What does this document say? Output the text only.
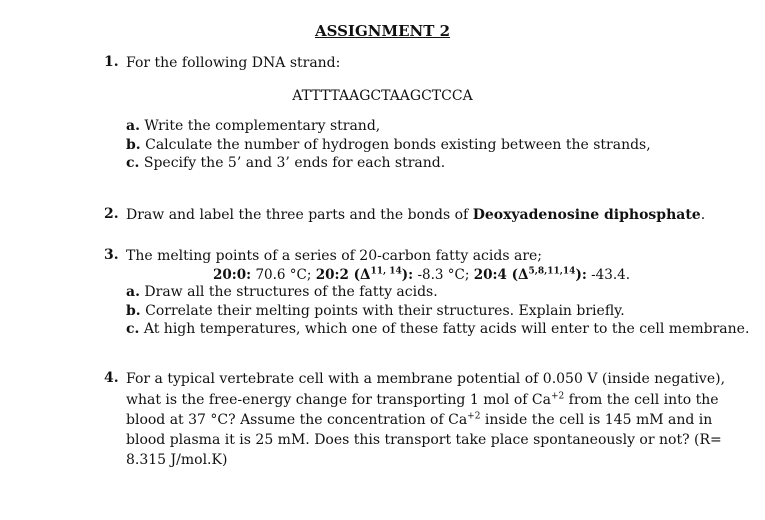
ASSIGNMENT 2
1. For the following DNA strand:
ATTTTAAGCTAAGCTCCA
a. Write the complementary strand,
b. Calculate the number of hydrogen bonds existing between the strands,
c. Specify the 5’ and 3’ ends for each strand.
2. Draw and label the three parts and the bonds of Deoxyadenosine diphosphate.
3. The melting points of a series of 20-carbon fatty acids are;
20:0: 70.6 °C; 20:2 $(\Delta^{11, 14})$: -8.3 °C; 20:4 $(\Delta^{5,8,11,14})$: -43.4.
a. Draw all the structures of the fatty acids.
b. Correlate their melting points with their structures. Explain briefly.
c. At high temperatures, which one of these fatty acids will enter to the cell membrane.
4. For a typical vertebrate cell with a membrane potential of 0.050 V (inside negative),
what is the free-energy change for transporting 1 mol of $Ca^{+2}$ from the cell into the
blood at 37 °C? Assume the concentration of $Ca^{+2}$ inside the cell is 145 mM and in
blood plasma it is 25 mM. Does this transport take place spontaneously or not? (R=
8.315 J/mol.K)
